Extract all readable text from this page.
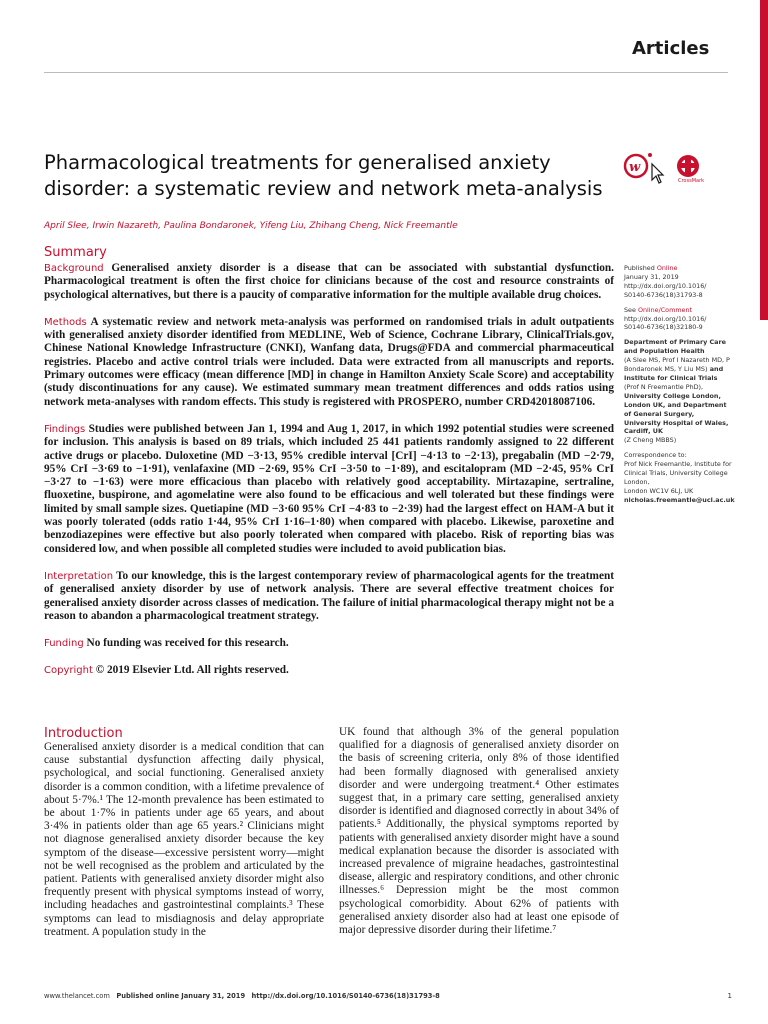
Articles
Pharmacological treatments for generalised anxiety disorder: a systematic review and network meta-analysis
w
CrossMark
April Slee, Irwin Nazareth, Paulina Bondaronek, Yifeng Liu, Zhihang Cheng, Nick Freemantle
Summary

Background Generalised anxiety disorder is a disease that can be associated with substantial dysfunction. Pharmacological treatment is often the first choice for clinicians because of the cost and resource constraints of psychological alternatives, but there is a paucity of comparative information for the multiple available drug choices.

Methods A systematic review and network meta-analysis was performed on randomised trials in adult outpatients with generalised anxiety disorder identified from MEDLINE, Web of Science, Cochrane Library, ClinicalTrials.gov, Chinese National Knowledge Infrastructure (CNKI), Wanfang data, Drugs@FDA and commercial pharmaceutical registries. Placebo and active control trials were included. Data were extracted from all manuscripts and reports. Primary outcomes were efficacy (mean difference [MD] in change in Hamilton Anxiety Scale Score) and acceptability (study discontinuations for any cause). We estimated summary mean treatment differences and odds ratios using network meta-analyses with random effects. This study is registered with PROSPERO, number CRD42018087106.

Findings Studies were published between Jan 1, 1994 and Aug 1, 2017, in which 1992 potential studies were screened for inclusion. This analysis is based on 89 trials, which included 25 441 patients randomly assigned to 22 different active drugs or placebo. Duloxetine (MD −3·13, 95% credible interval [CrI] −4·13 to −2·13), pregabalin (MD −2·79, 95% CrI −3·69 to −1·91), venlafaxine (MD −2·69, 95% CrI −3·50 to −1·89), and escitalopram (MD −2·45, 95% CrI −3·27 to −1·63) were more efficacious than placebo with relatively good acceptability. Mirtazapine, sertraline, fluoxetine, buspirone, and agomelatine were also found to be efficacious and well tolerated but these findings were limited by small sample sizes. Quetiapine (MD −3·60 95% CrI −4·83 to −2·39) had the largest effect on HAM-A but it was poorly tolerated (odds ratio 1·44, 95% CrI 1·16–1·80) when compared with placebo. Likewise, paroxetine and benzodiazepines were effective but also poorly tolerated when compared with placebo. Risk of reporting bias was considered low, and when possible all completed studies were included to avoid publication bias.

Interpretation To our knowledge, this is the largest contemporary review of pharmacological agents for the treatment of generalised anxiety disorder by use of network analysis. There are several effective treatment choices for generalised anxiety disorder across classes of medication. The failure of initial pharmacological therapy might not be a reason to abandon a pharmacological treatment strategy.

Funding No funding was received for this research.

Copyright © 2019 Elsevier Ltd. All rights reserved.

Published Online

January 31, 2019

http://dx.doi.org/10.1016/

S0140-6736(18)31793-8

See Online/Comment

http://dx.doi.org/10.1016/

S0140-6736(18)32180-9

Department of Primary Care and Population Health

(A Slee MS, Prof I Nazareth MD, P Bondaronek MS, Y Liu MS) and Institute for Clinical Trials

(Prof N Freemantle PhD),

University College London, London UK, and Department of General Surgery, University Hospital of Wales, Cardiff, UK

(Z Cheng MBBS)

Correspondence to:

Prof Nick Freemantle, Institute for Clinical Trials, University College London,

London WC1V 6LJ, UK

nicholas.freemantle@ucl.ac.uk

Introduction

Generalised anxiety disorder is a medical condition that can cause substantial dysfunction affecting daily physical, psychological, and social functioning. Generalised anxiety disorder is a common condition, with a lifetime prevalence of about 5·7%.¹ The 12-month prevalence has been estimated to be about 1·7% in patients under age 65 years, and about 3·4% in patients older than age 65 years.² Clinicians might not diagnose generalised anxiety disorder because the key symptom of the disease—excessive persistent worry—might not be well recognised as the problem and articulated by the patient. Patients with generalised anxiety disorder might also frequently present with physical symptoms instead of worry, including headaches and gastrointestinal complaints.³ These symptoms can lead to misdiagnosis and delay appropriate treatment. A population study in the

UK found that although 3% of the general population qualified for a diagnosis of generalised anxiety disorder on the basis of screening criteria, only 8% of those identified had been formally diagnosed with generalised anxiety disorder and were undergoing treatment.⁴ Other estimates suggest that, in a primary care setting, generalised anxiety disorder is identified and diagnosed correctly in about 34% of patients.⁵ Additionally, the physical symptoms reported by patients with generalised anxiety disorder might have a sound medical explanation because the disorder is associated with increased prevalence of migraine headaches, gastrointestinal disease, allergic and respiratory conditions, and other chronic illnesses.⁶ Depression might be the most common psychological comorbidity. About 62% of patients with generalised anxiety disorder also had at least one episode of major depressive disorder during their lifetime.⁷

www.thelancet.com Published online January 31, 2019 http://dx.doi.org/10.1016/S0140-6736(18)31793-8	1
